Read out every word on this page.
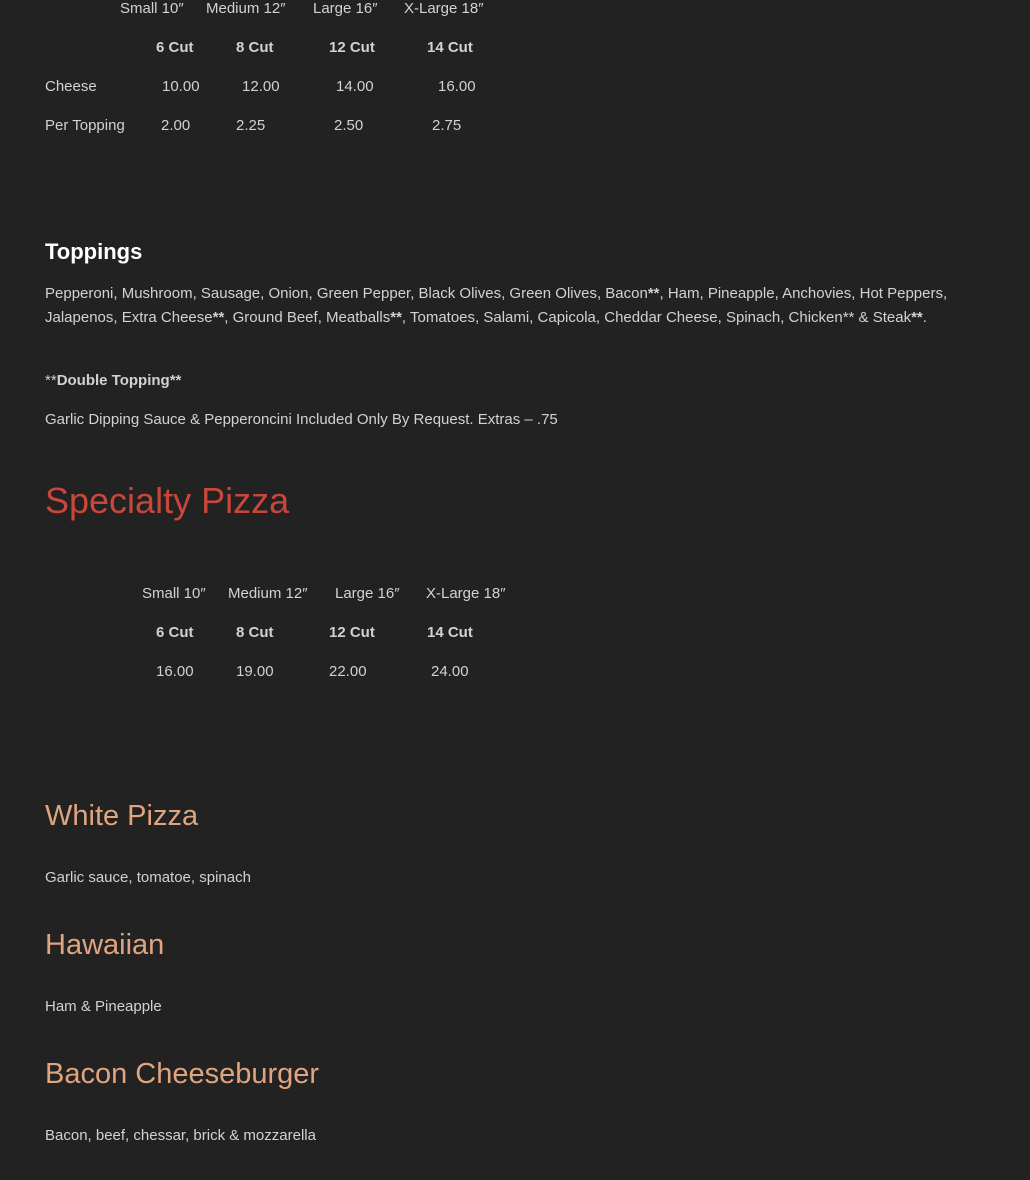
Small 10″ Medium 12″ Large 16″ X-Large 18″
6 Cut	8 Cut	12 Cut	14 Cut
Cheese	10.00	12.00	14.00	16.00
Per Topping 2.00	2.25	2.50	2.75
Toppings

Pepperoni, Mushroom, Sausage, Onion, Green Pepper, Black Olives, Green Olives, Bacon**, Ham, Pineapple, Anchovies, Hot Peppers, Jalapenos, Extra Cheese**, Ground Beef, Meatballs**, Tomatoes, Salami, Capicola, Cheddar Cheese, Spinach, Chicken** & Steak**.

**Double Topping**

Garlic Dipping Sauce & Pepperoncini Included Only By Request. Extras – .75

Specialty Pizza
Small 10″ Medium 12″ Large 16″ X-Large 18″
6 Cut	8 Cut	12 Cut	14 Cut
16.00	19.00	22.00	24.00
White Pizza

Garlic sauce, tomatoe, spinach

Hawaiian

Ham & Pineapple

Bacon Cheeseburger

Bacon, beef, chessar, brick & mozzarella
